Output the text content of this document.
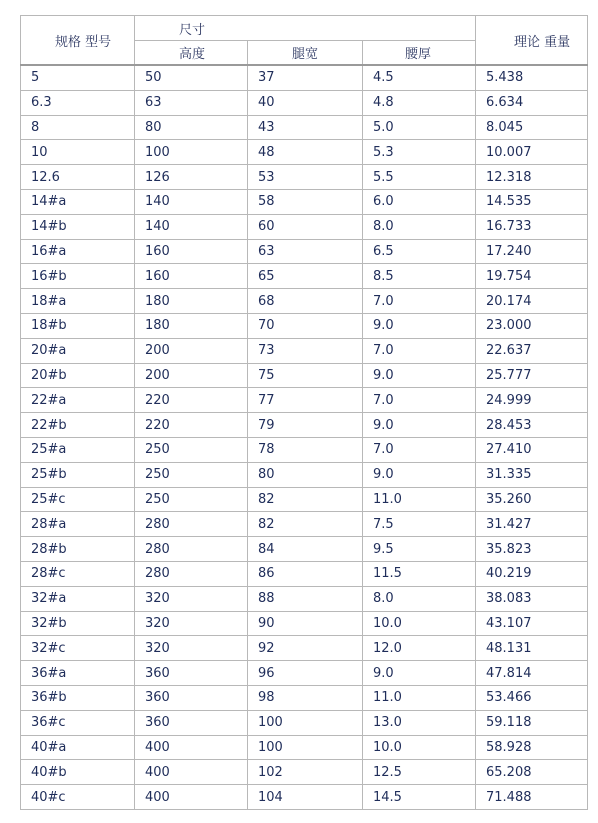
规格 型号	尺寸			理论 重量
	高度	腿宽	腰厚	
5	50	37	4.5	5.438
6.3	63	40	4.8	6.634
8	80	43	5.0	8.045
10	100	48	5.3	10.007
12.6	126	53	5.5	12.318
14#a	140	58	6.0	14.535
14#b	140	60	8.0	16.733
16#a	160	63	6.5	17.240
16#b	160	65	8.5	19.754
18#a	180	68	7.0	20.174
18#b	180	70	9.0	23.000
20#a	200	73	7.0	22.637
20#b	200	75	9.0	25.777
22#a	220	77	7.0	24.999
22#b	220	79	9.0	28.453
25#a	250	78	7.0	27.410
25#b	250	80	9.0	31.335
25#c	250	82	11.0	35.260
28#a	280	82	7.5	31.427
28#b	280	84	9.5	35.823
28#c	280	86	11.5	40.219
32#a	320	88	8.0	38.083
32#b	320	90	10.0	43.107
32#c	320	92	12.0	48.131
36#a	360	96	9.0	47.814
36#b	360	98	11.0	53.466
36#c	360	100	13.0	59.118
40#a	400	100	10.0	58.928
40#b	400	102	12.5	65.208
40#c	400	104	14.5	71.488
